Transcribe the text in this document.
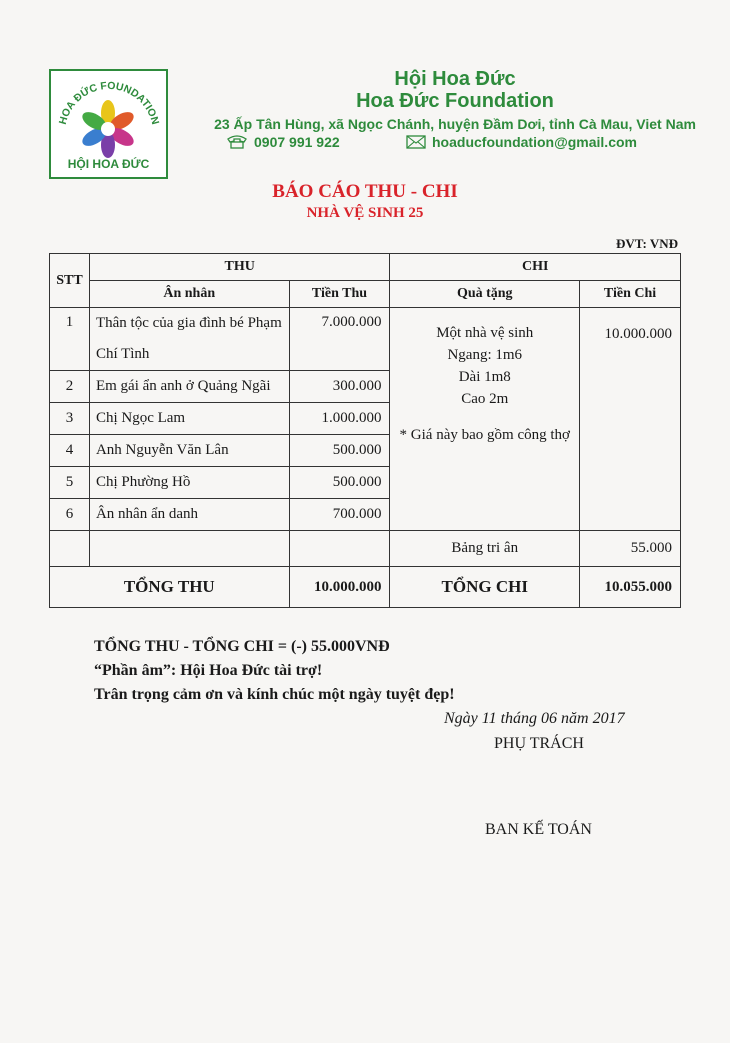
HOA ĐỨC FOUNDATION
HỘI HOA ĐỨC
Hội Hoa Đức
Hoa Đức Foundation
23 Ấp Tân Hùng, xã Ngọc Chánh, huyện Đầm Dơi, tỉnh Cà Mau, Viet Nam
0907 991 922	hoaducfoundation@gmail.com
BÁO CÁO THU - CHI
NHÀ VỆ SINH 25
ĐVT: VNĐ
STT	THU		CHI	
	Ân nhân	Tiền Thu	Quà tặng	Tiền Chi
1	Thân tộc của gia đình bé Phạm Chí Tình	7.000.000	Một nhà vệ sinh
Ngang: 1m6
Dài 1m8
Cao 2m
* Giá này bao gồm công thợ	10.000.000
2	Em gái ẩn anh ở Quảng Ngãi	300.000		
3	Chị Ngọc Lam	1.000.000		
4	Anh Nguyễn Văn Lân	500.000		
5	Chị Phường Hồ	500.000		
6	Ân nhân ẩn danh	700.000		
			Bảng tri ân	55.000
TỔNG THU		10.000.000	TỔNG CHI	10.055.000
TỔNG THU - TỔNG CHI = (-) 55.000VNĐ
“Phần âm”: Hội Hoa Đức tài trợ!
Trân trọng cảm ơn và kính chúc một ngày tuyệt đẹp!
Ngày 11 tháng 06 năm 2017
PHỤ TRÁCH
BAN KẾ TOÁN
